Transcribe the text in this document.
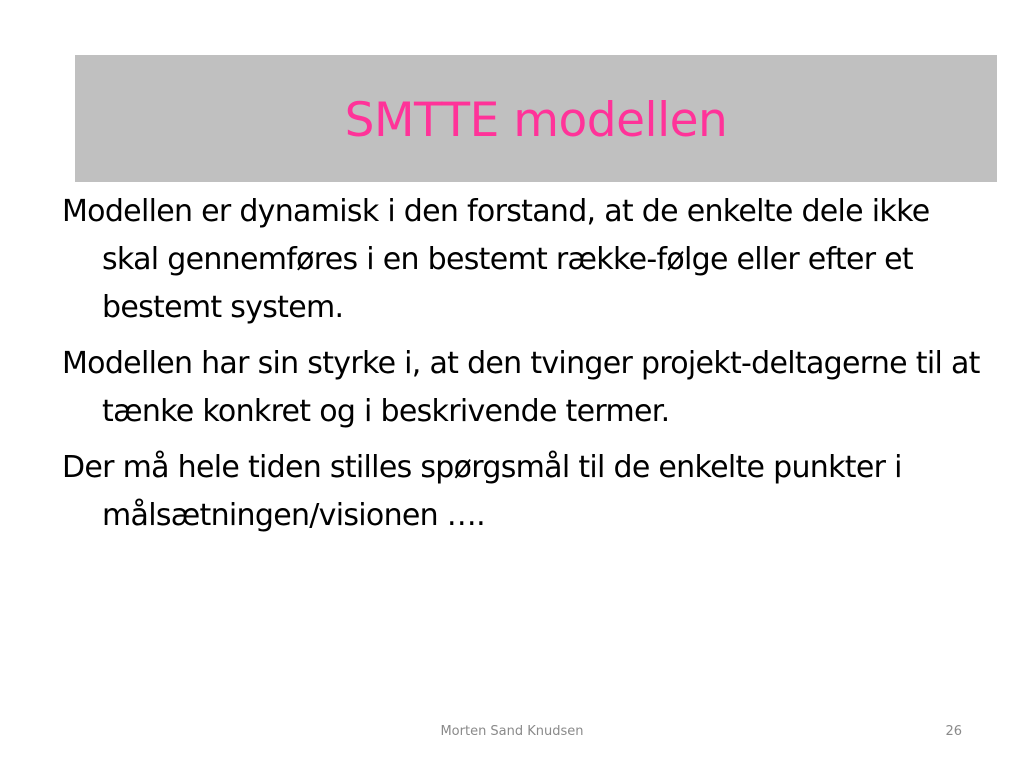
SMTTE modellen

Modellen er dynamisk i den forstand, at de enkelte dele ikke skal gennemføres i en bestemt række-følge eller efter et bestemt system.

Modellen har sin styrke i, at den tvinger projekt-deltagerne til at tænke konkret og i beskrivende termer.

Der må hele tiden stilles spørgsmål til de enkelte punkter i målsætningen/visionen ….

Morten Sand Knudsen	26
